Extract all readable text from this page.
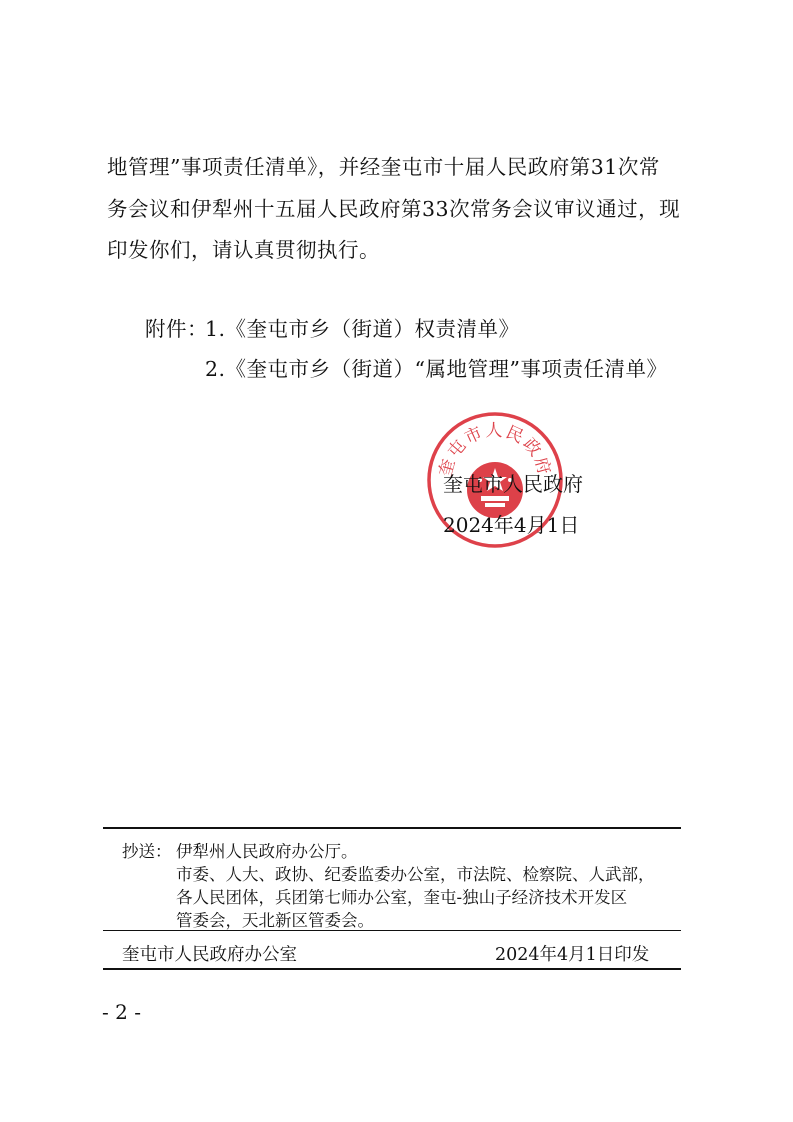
地管理”事项责任清单》，并经奎屯市十届人民政府第31次常
务会议和伊犁州十五届人民政府第33次常务会议审议通过，现
印发你们，请认真贯彻执行。
附件：
1.《奎屯市乡（街道）权责清单》
2.《奎屯市乡（街道）“属地管理”事项责任清单》
奎屯市人民政府
奎屯市人民政府
2024年4月1日
抄送： 伊犁州人民政府办公厅。
市委、人大、政协、纪委监委办公室，市法院、检察院、人武部，
各人民团体，兵团第七师办公室，奎屯-独山子经济技术开发区
管委会，天北新区管委会。
奎屯市人民政府办公室	2024年4月1日印发
- 2 -
